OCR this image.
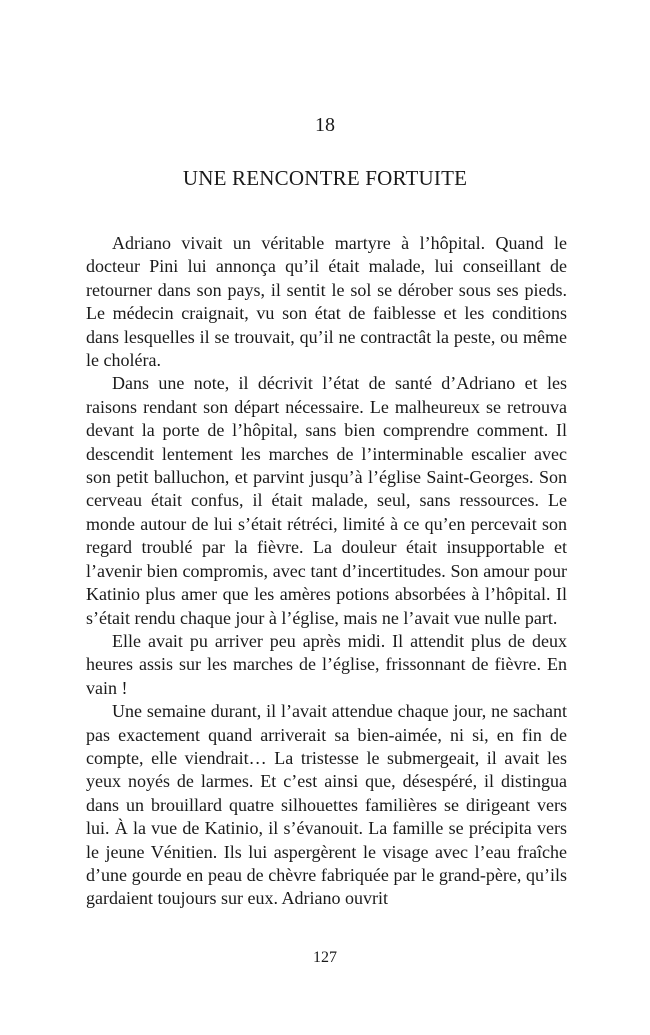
18
UNE RENCONTRE FORTUITE

Adriano vivait un véritable martyre à l’hôpital. Quand le docteur Pini lui annonça qu’il était malade, lui conseillant de retourner dans son pays, il sentit le sol se dérober sous ses pieds. Le médecin craignait, vu son état de faiblesse et les conditions dans lesquelles il se trouvait, qu’il ne contractât la peste, ou même le choléra.

Dans une note, il décrivit l’état de santé d’Adriano et les raisons rendant son départ nécessaire. Le malheureux se retrouva devant la porte de l’hôpital, sans bien comprendre comment. Il descendit lentement les marches de l’interminable escalier avec son petit balluchon, et parvint jusqu’à l’église Saint-Georges. Son cerveau était confus, il était malade, seul, sans ressources. Le monde autour de lui s’était rétréci, limité à ce qu’en percevait son regard troublé par la fièvre. La douleur était insupportable et l’avenir bien compromis, avec tant d’incertitudes. Son amour pour Katinio plus amer que les amères potions absorbées à l’hôpital. Il s’était rendu chaque jour à l’église, mais ne l’avait vue nulle part.

Elle avait pu arriver peu après midi. Il attendit plus de deux heures assis sur les marches de l’église, frissonnant de fièvre. En vain !

Une semaine durant, il l’avait attendue chaque jour, ne sachant pas exactement quand arriverait sa bien-aimée, ni si, en fin de compte, elle viendrait… La tristesse le submergeait, il avait les yeux noyés de larmes. Et c’est ainsi que, désespéré, il distingua dans un brouillard quatre silhouettes familières se dirigeant vers lui. À la vue de Katinio, il s’évanouit. La famille se précipita vers le jeune Vénitien. Ils lui aspergèrent le visage avec l’eau fraîche d’une gourde en peau de chèvre fabriquée par le grand-père, qu’ils gardaient toujours sur eux. Adriano ouvrit

127
